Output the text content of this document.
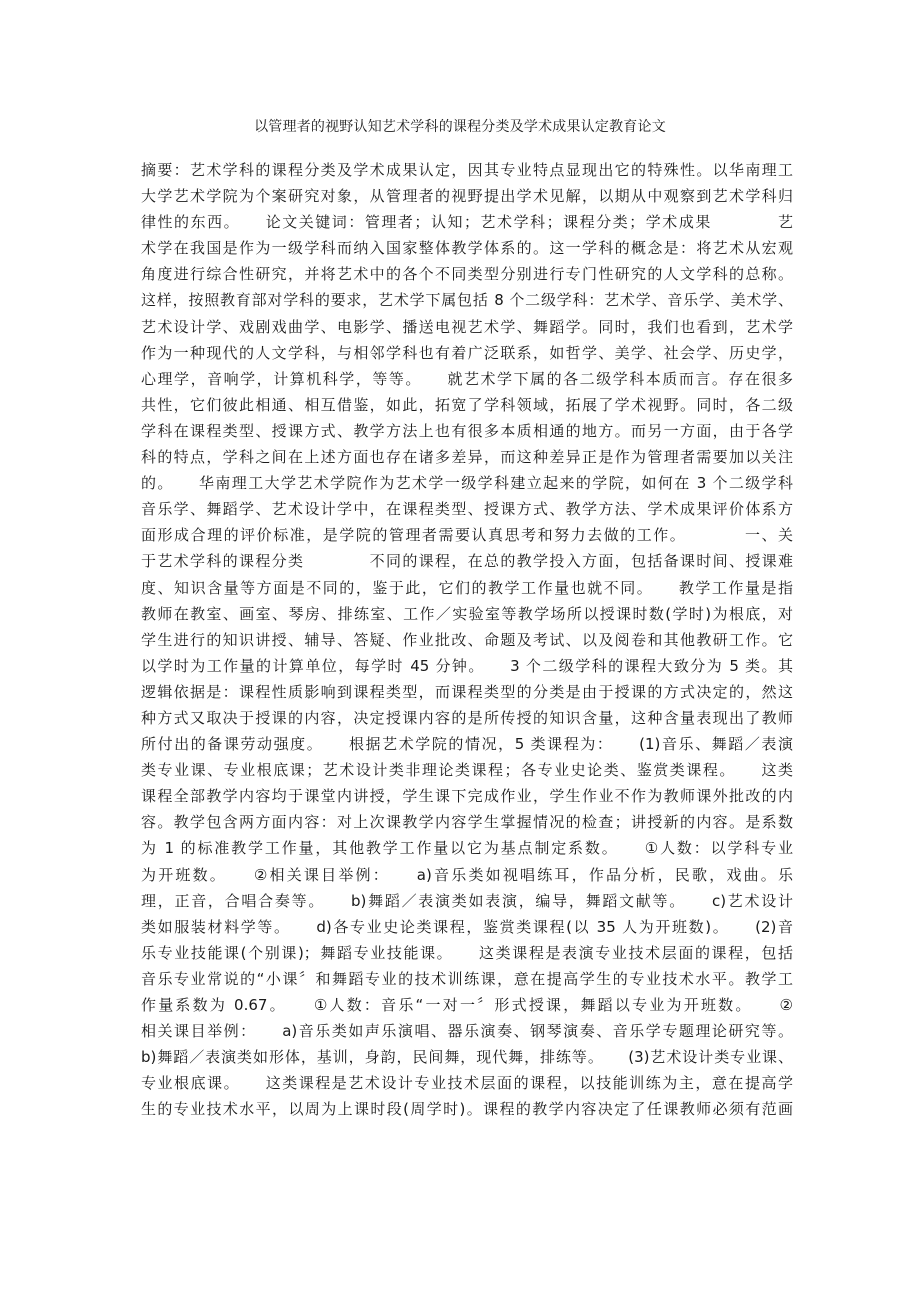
以管理者的视野认知艺术学科的课程分类及学术成果认定教育论文
摘要：艺术学科的课程分类及学术成果认定，因其专业特点显现出它的特殊性。以华南理工
大学艺术学院为个案研究对象，从管理者的视野提出学术见解，以期从中观察到艺术学科归
律性的东西。　　论文关键词：管理者；认知；艺术学科；课程分类；学术成果　　　　艺
术学在我国是作为一级学科而纳入国家整体教学体系的。这一学科的概念是：将艺术从宏观
角度进行综合性研究，并将艺术中的各个不同类型分别进行专门性研究的人文学科的总称。
这样，按照教育部对学科的要求，艺术学下属包括 8 个二级学科：艺术学、音乐学、美术学、
艺术设计学、戏剧戏曲学、电影学、播送电视艺术学、舞蹈学。同时，我们也看到，艺术学
作为一种现代的人文学科，与相邻学科也有着广泛联系，如哲学、美学、社会学、历史学，
心理学，音响学，计算机科学，等等。　　就艺术学下属的各二级学科本质而言。存在很多
共性，它们彼此相通、相互借鉴，如此，拓宽了学科领域，拓展了学术视野。同时，各二级
学科在课程类型、授课方式、教学方法上也有很多本质相通的地方。而另一方面，由于各学
科的特点，学科之间在上述方面也存在诸多差异，而这种差异正是作为管理者需要加以关注
的。　　华南理工大学艺术学院作为艺术学一级学科建立起来的学院，如何在 3 个二级学科
音乐学、舞蹈学、艺术设计学中，在课程类型、授课方式、教学方法、学术成果评价体系方
面形成合理的评价标准，是学院的管理者需要认真思考和努力去做的工作。　　　　一、关
于艺术学科的课程分类　　　　不同的课程，在总的教学投入方面，包括备课时间、授课难
度、知识含量等方面是不同的，鉴于此，它们的教学工作量也就不同。　　教学工作量是指
教师在教室、画室、琴房、排练室、工作／实验室等教学场所以授课时数(学时)为根底，对
学生进行的知识讲授、辅导、答疑、作业批改、命题及考试、以及阅卷和其他教研工作。它
以学时为工作量的计算单位，每学时 45 分钟。　　3 个二级学科的课程大致分为 5 类。其
逻辑依据是：课程性质影响到课程类型，而课程类型的分类是由于授课的方式决定的，然这
种方式又取决于授课的内容，决定授课内容的是所传授的知识含量，这种含量表现出了教师
所付出的备课劳动强度。　　根据艺术学院的情况，5 类课程为：　　(1)音乐、舞蹈／表演
类专业课、专业根底课；艺术设计类非理论类课程；各专业史论类、鉴赏类课程。　　这类
课程全部教学内容均于课堂内讲授，学生课下完成作业，学生作业不作为教师课外批改的内
容。教学包含两方面内容：对上次课教学内容学生掌握情况的检查；讲授新的内容。是系数
为 1 的标准教学工作量，其他教学工作量以它为基点制定系数。　　①人数：以学科专业
为开班数。　　②相关课目举例：　　a)音乐类如视唱练耳，作品分析，民歌，戏曲。乐
理，正音，合唱合奏等。　　b)舞蹈／表演类如表演，编导，舞蹈文献等。　　c)艺术设计
类如服装材料学等。　　d)各专业史论类课程，鉴赏类课程(以 35 人为开班数)。　　(2)音
乐专业技能课(个别课)；舞蹈专业技能课。　　这类课程是表演专业技术层面的课程，包括
音乐专业常说的“小课〞和舞蹈专业的技术训练课，意在提高学生的专业技术水平。教学工
作量系数为 0.67。　　①人数：音乐“一对一〞形式授课，舞蹈以专业为开班数。　　②
相关课目举例：　　a)音乐类如声乐演唱、器乐演奏、钢琴演奏、音乐学专题理论研究等。
b)舞蹈／表演类如形体，基训，身韵，民间舞，现代舞，排练等。　　(3)艺术设计类专业课、
专业根底课。　　这类课程是艺术设计专业技术层面的课程，以技能训练为主，意在提高学
生的专业技术水平，以周为上课时段(周学时)。课程的教学内容决定了任课教师必须有范画
